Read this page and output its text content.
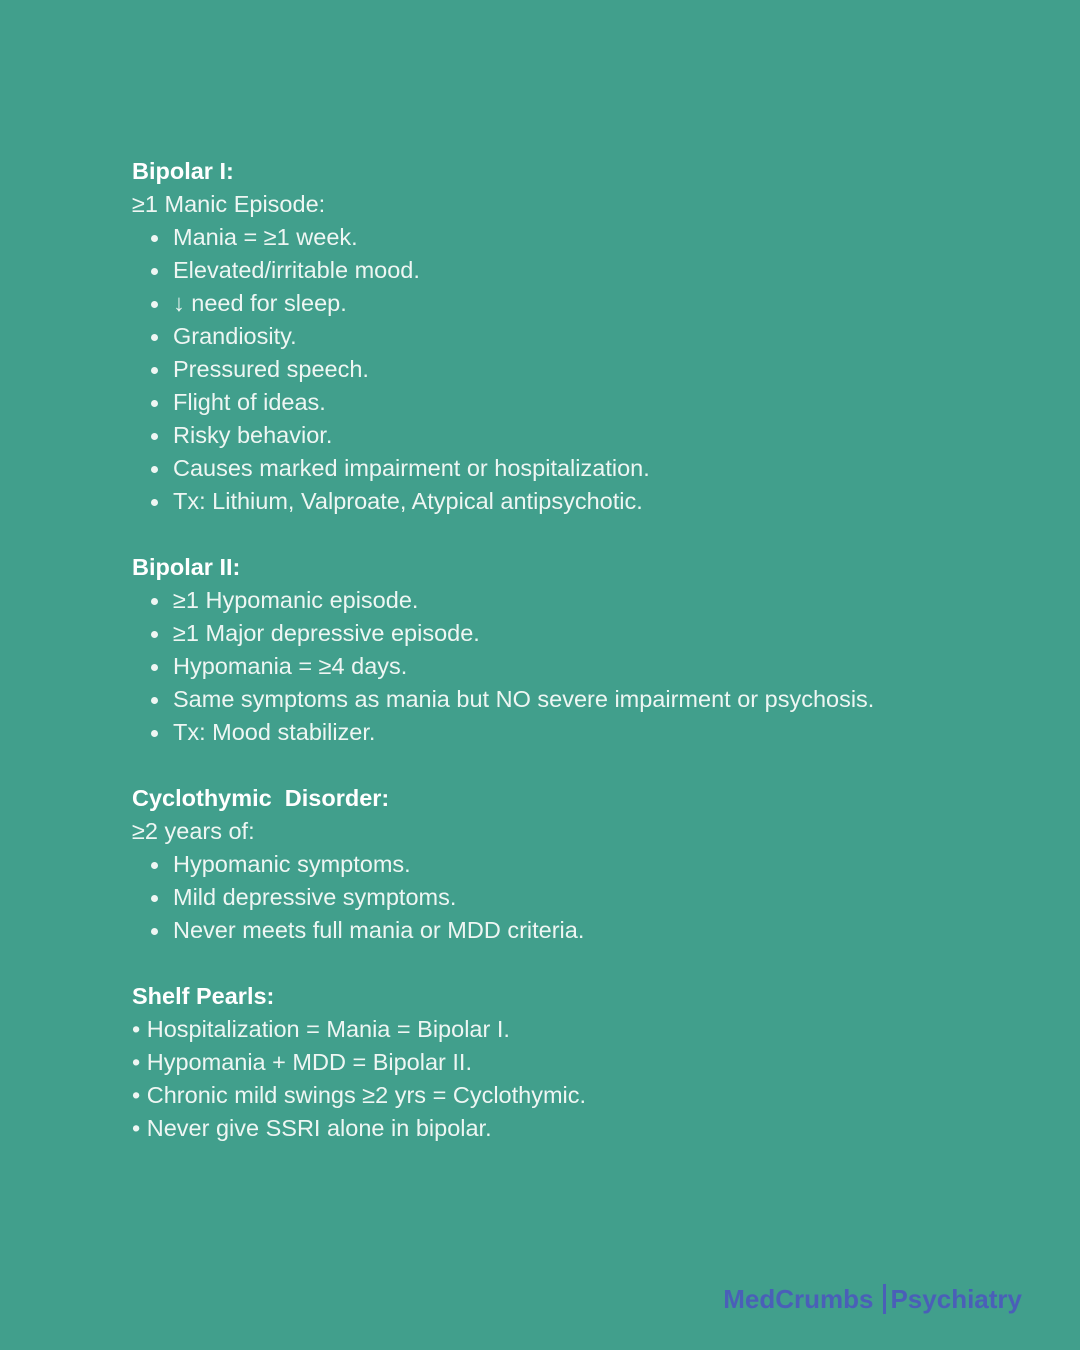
Bipolar I:
≥1 Manic Episode:
Mania = ≥1 week.
Elevated/irritable mood.
↓ need for sleep.
Grandiosity.
Pressured speech.
Flight of ideas.
Risky behavior.
Causes marked impairment or hospitalization.
Tx: Lithium, Valproate, Atypical antipsychotic.
Bipolar II:
≥1 Hypomanic episode.
≥1 Major depressive episode.
Hypomania = ≥4 days.
Same symptoms as mania but NO severe impairment or psychosis.
Tx: Mood stabilizer.
Cyclothymic  Disorder:
≥2 years of:
Hypomanic symptoms.
Mild depressive symptoms.
Never meets full mania or MDD criteria.
Shelf Pearls:
• Hospitalization = Mania = Bipolar I.
• Hypomania + MDD = Bipolar II.
• Chronic mild swings ≥2 yrs = Cyclothymic.
• Never give SSRI alone in bipolar.
MedCrumbs Psychiatry
